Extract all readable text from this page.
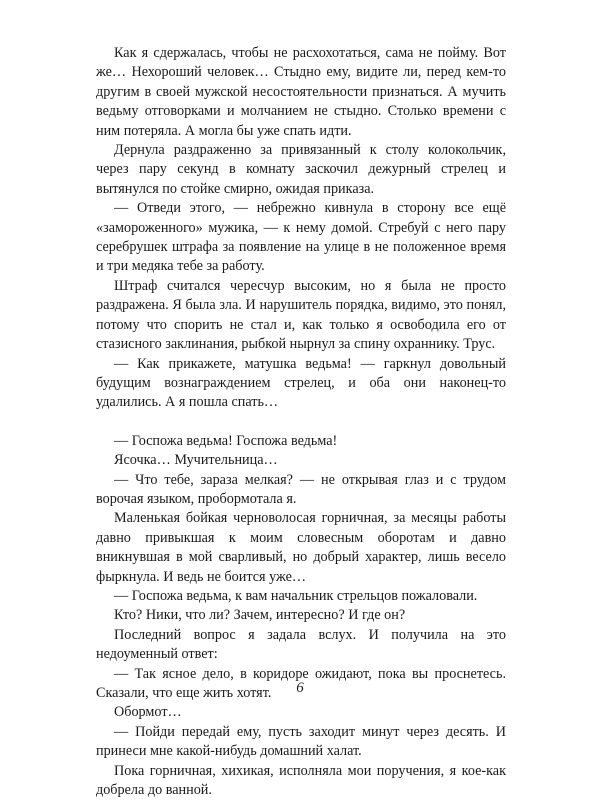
Как я сдержалась, чтобы не расхохотаться, сама не пойму. Вот же… Нехороший человек… Стыдно ему, видите ли, перед кем-то другим в своей мужской несостоятельности признаться. А мучить ведьму отговорками и молчанием не стыдно. Столько времени с ним потеряла. А могла бы уже спать идти.

Дернула раздраженно за привязанный к столу колокольчик, через пару секунд в комнату заскочил дежурный стрелец и вытянулся по стойке смирно, ожидая приказа.

— Отведи этого, — небрежно кивнула в сторону все ещё «замороженного» мужика, — к нему домой. Стребуй с него пару серебрушек штрафа за появление на улице в не положенное время и три медяка тебе за работу.

Штраф считался чересчур высоким, но я была не просто раздражена. Я была зла. И нарушитель порядка, видимо, это понял, потому что спорить не стал и, как только я освободила его от стазисного заклинания, рыбкой нырнул за спину охраннику. Трус.

— Как прикажете, матушка ведьма! — гаркнул довольный будущим вознаграждением стрелец, и оба они наконец-то удалились. А я пошла спать…

— Госпожа ведьма! Госпожа ведьма!

Ясочка… Мучительница…

— Что тебе, зараза мелкая? — не открывая глаз и с трудом ворочая языком, пробормотала я.

Маленькая бойкая черноволосая горничная, за месяцы работы давно привыкшая к моим словесным оборотам и давно вникнувшая в мой сварливый, но добрый характер, лишь весело фыркнула. И ведь не боится уже…

— Госпожа ведьма, к вам начальник стрельцов пожаловали.

Кто? Ники, что ли? Зачем, интересно? И где он?

Последний вопрос я задала вслух. И получила на это недоуменный ответ:

— Так ясное дело, в коридоре ожидают, пока вы проснетесь. Сказали, что еще жить хотят.

Обормот…

— Пойди передай ему, пусть заходит минут через десять. И принеси мне какой-нибудь домашний халат.

Пока горничная, хихикая, исполняла мои поручения, я кое-как добрела до ванной.

6
